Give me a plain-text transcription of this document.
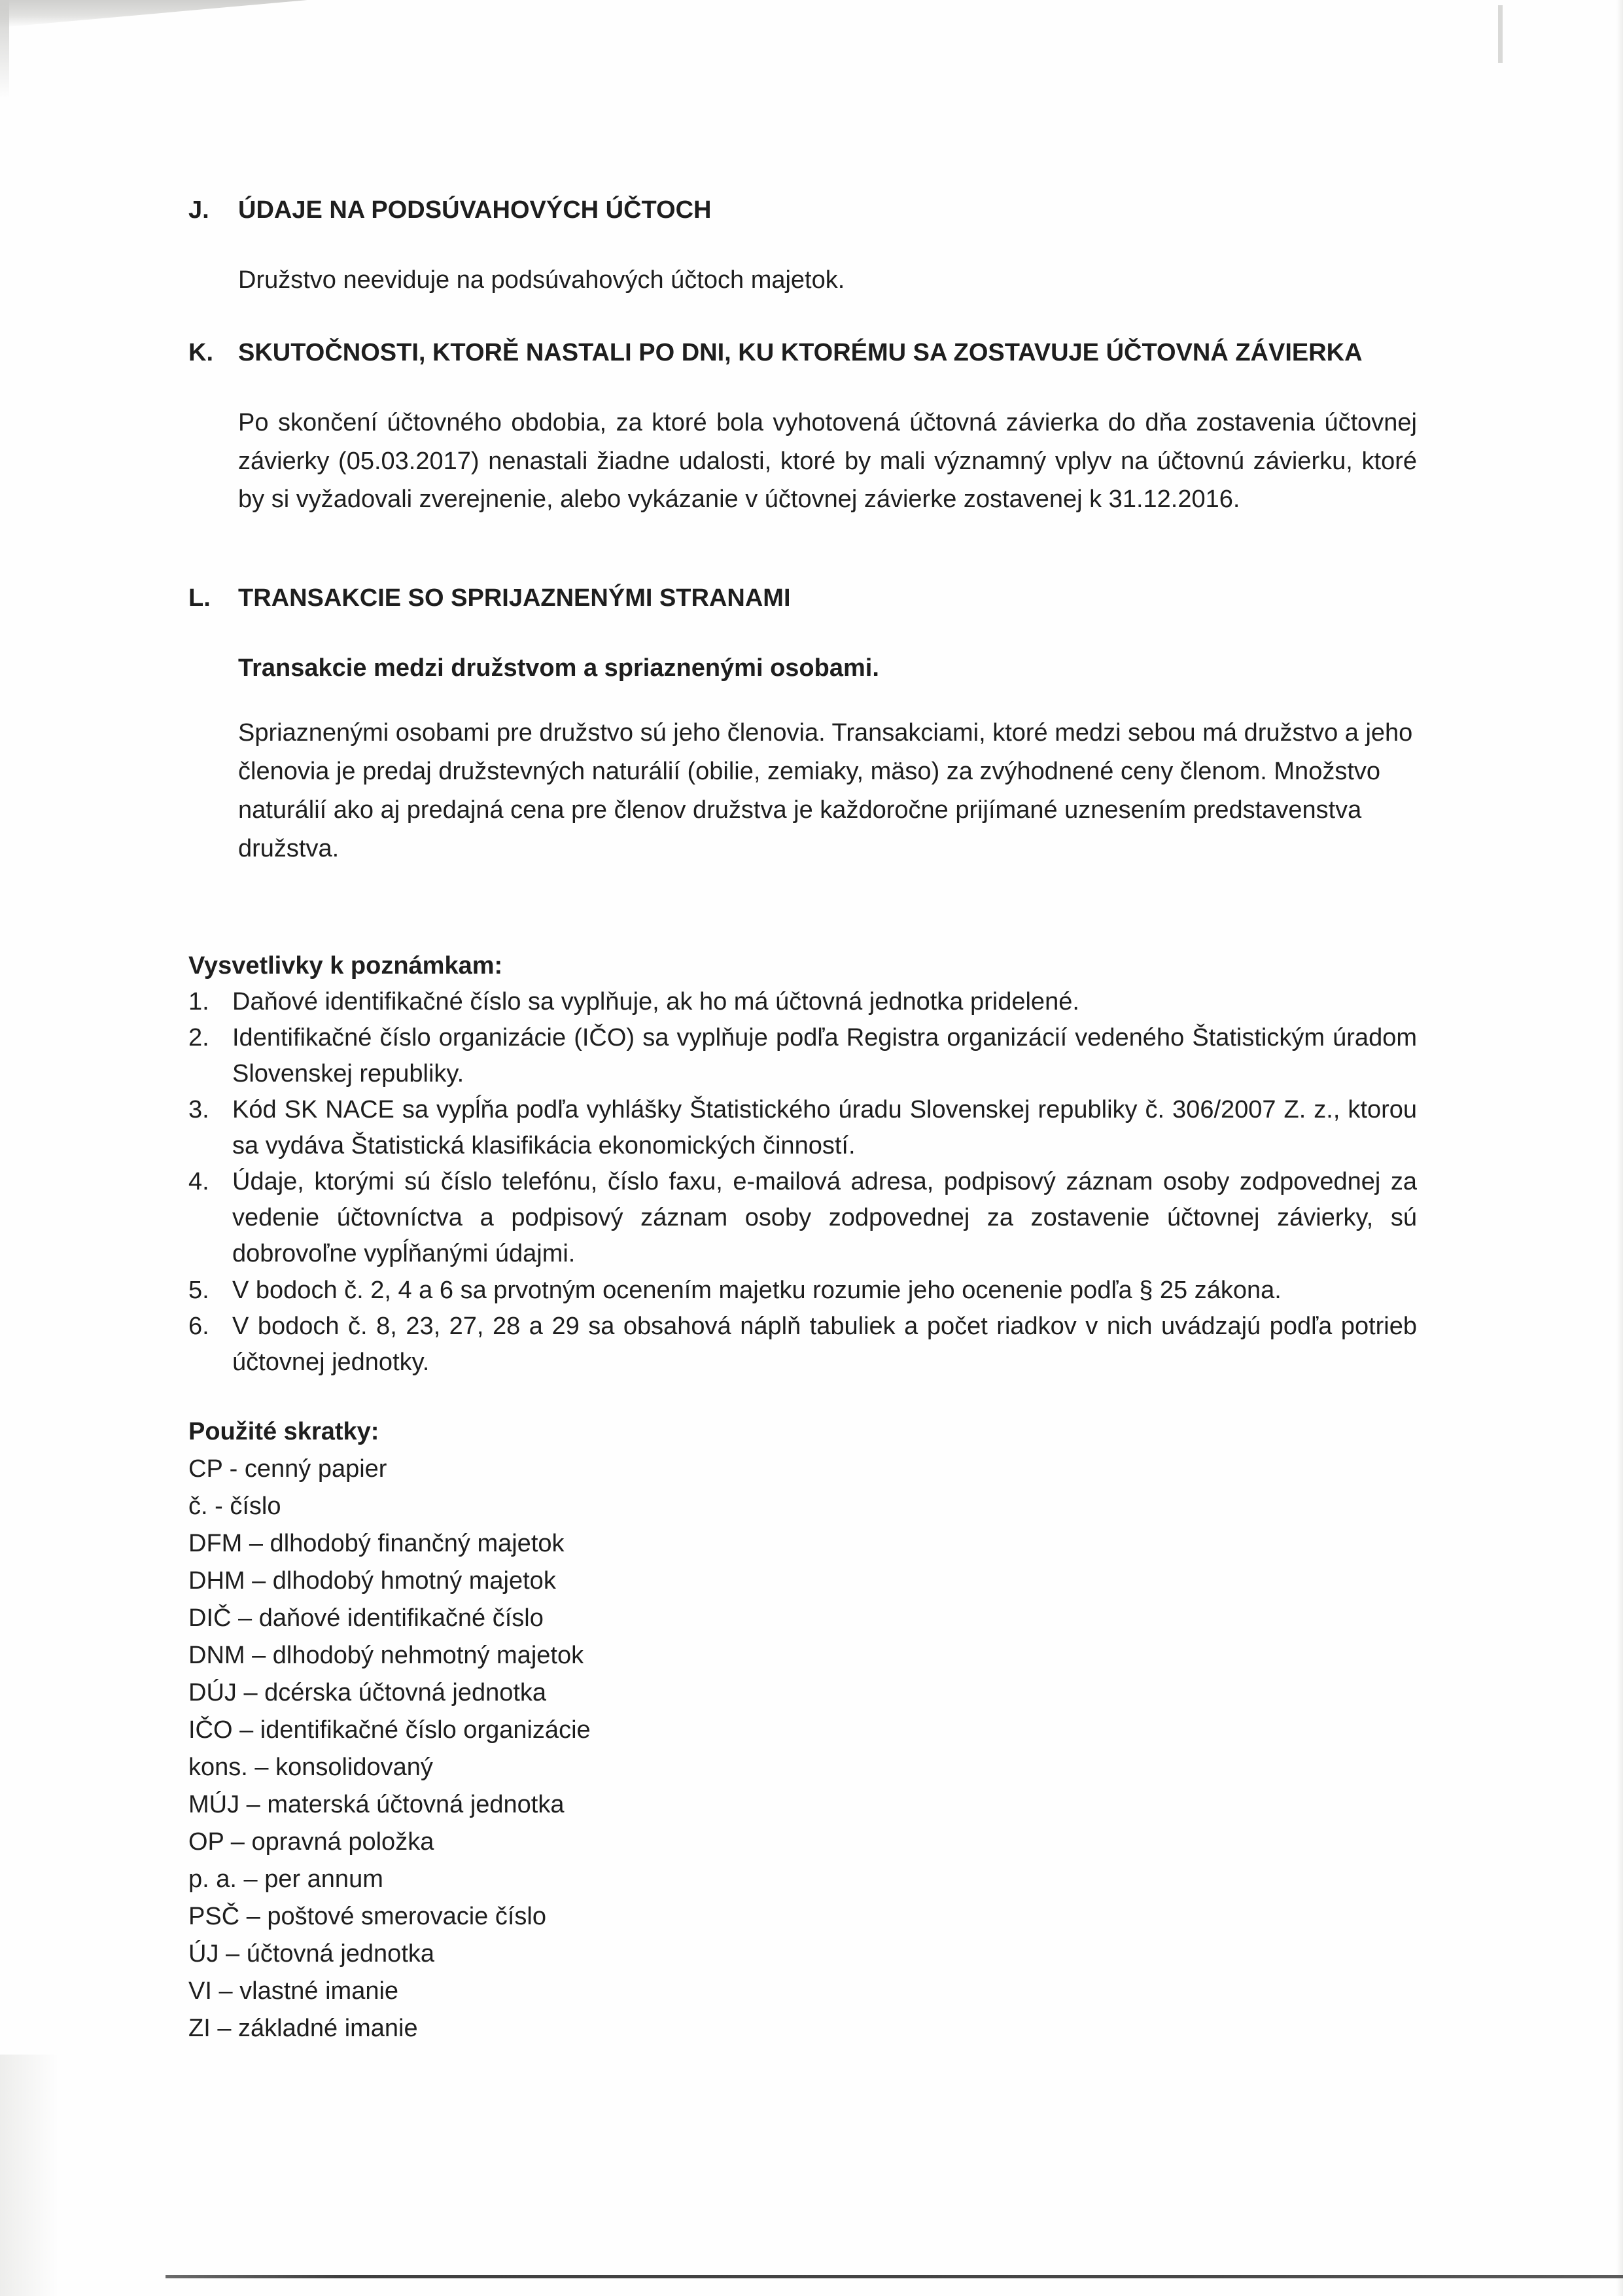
J.	ÚDAJE NA PODSÚVAHOVÝCH ÚČTOCH
Družstvo neeviduje na podsúvahových účtoch majetok.
K.	SKUTOČNOSTI, KTORĚ NASTALI PO DNI, KU KTORÉMU SA ZOSTAVUJE ÚČTOVNÁ ZÁVIERKA
Po skončení účtovného obdobia, za ktoré bola vyhotovená účtovná závierka do dňa zostavenia účtovnej závierky (05.03.2017) nenastali žiadne udalosti, ktoré by mali významný vplyv na účtovnú závierku, ktoré by si vyžadovali zverejnenie, alebo vykázanie v účtovnej závierke zostavenej k 31.12.2016.
L.	TRANSAKCIE SO SPRIJAZNENÝMI STRANAMI
Transakcie medzi družstvom a spriaznenými osobami.
Spriaznenými osobami pre družstvo sú jeho členovia. Transakciami, ktoré medzi sebou má družstvo a jeho členovia je predaj družstevných naturálií (obilie, zemiaky, mäso) za zvýhodnené ceny členom. Množstvo naturálií ako aj predajná cena pre členov družstva je každoročne prijímané uznesením predstavenstva družstva.
Vysvetlivky k poznámkam:
1. Daňové identifikačné číslo sa vyplňuje, ak ho má účtovná jednotka pridelené.
2. Identifikačné číslo organizácie (IČO) sa vyplňuje podľa Registra organizácií vedeného Štatistickým úradom Slovenskej republiky.
3. Kód SK NACE sa vypĺňa podľa vyhlášky Štatistického úradu Slovenskej republiky č. 306/2007 Z. z., ktorou sa vydáva Štatistická klasifikácia ekonomických činností.
4. Údaje, ktorými sú číslo telefónu, číslo faxu, e-mailová adresa, podpisový záznam osoby zodpovednej za vedenie účtovníctva a podpisový záznam osoby zodpovednej za zostavenie účtovnej závierky, sú dobrovoľne vypĺňanými údajmi.
5. V bodoch č. 2, 4 a 6 sa prvotným ocenením majetku rozumie jeho ocenenie podľa § 25 zákona.
6. V bodoch č. 8, 23, 27, 28 a 29 sa obsahová náplň tabuliek a počet riadkov v nich uvádzajú podľa potrieb účtovnej jednotky.
Použité skratky:
CP - cenný papier
č. - číslo
DFM – dlhodobý finančný majetok
DHM – dlhodobý hmotný majetok
DIČ – daňové identifikačné číslo
DNM – dlhodobý nehmotný majetok
DÚJ – dcérska účtovná jednotka
IČO – identifikačné číslo organizácie
kons. – konsolidovaný
MÚJ – materská účtovná jednotka
OP – opravná položka
p. a. – per annum
PSČ – poštové smerovacie číslo
ÚJ – účtovná jednotka
VI – vlastné imanie
ZI – základné imanie
